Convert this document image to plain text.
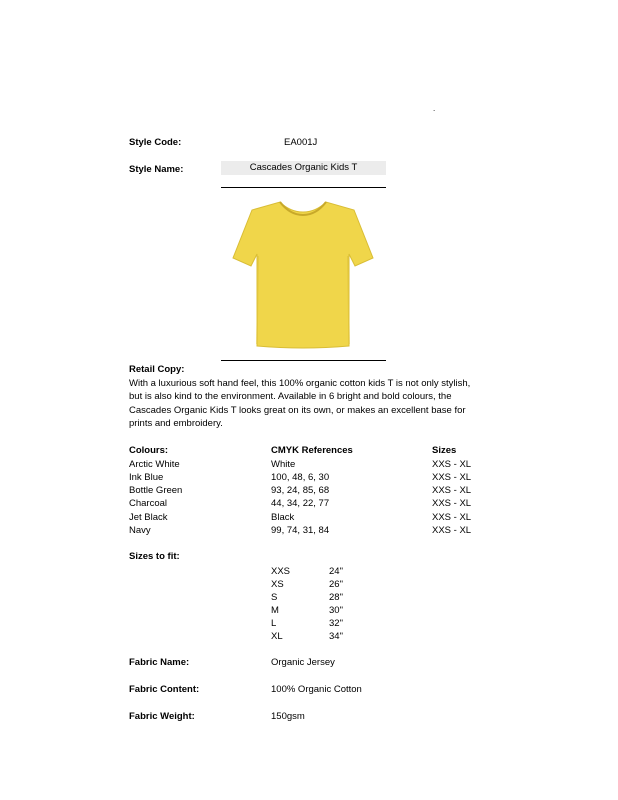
.
Style Code:	EA001J
Style Name:	Cascades Organic Kids T
Retail Copy:
With a luxurious soft hand feel, this 100% organic cotton kids T is not only stylish, but is also kind to the environment. Available in 6 bright and bold colours, the Cascades Organic Kids T looks great on its own, or makes an excellent base for prints and embroidery.
Colours:	CMYK References	Sizes
Arctic White	White	XXS - XL
Ink Blue	100, 48, 6, 30	XXS - XL
Bottle Green	93, 24, 85, 68	XXS - XL
Charcoal	44, 34, 22, 77	XXS - XL
Jet Black	Black	XXS - XL
Navy	99, 74, 31, 84	XXS - XL
Sizes to fit:
XXS	24"
XS	26"
S	28"
M	30"
L	32"
XL	34"
Fabric Name:	Organic Jersey
Fabric Content:	100% Organic Cotton
Fabric Weight:	150gsm
